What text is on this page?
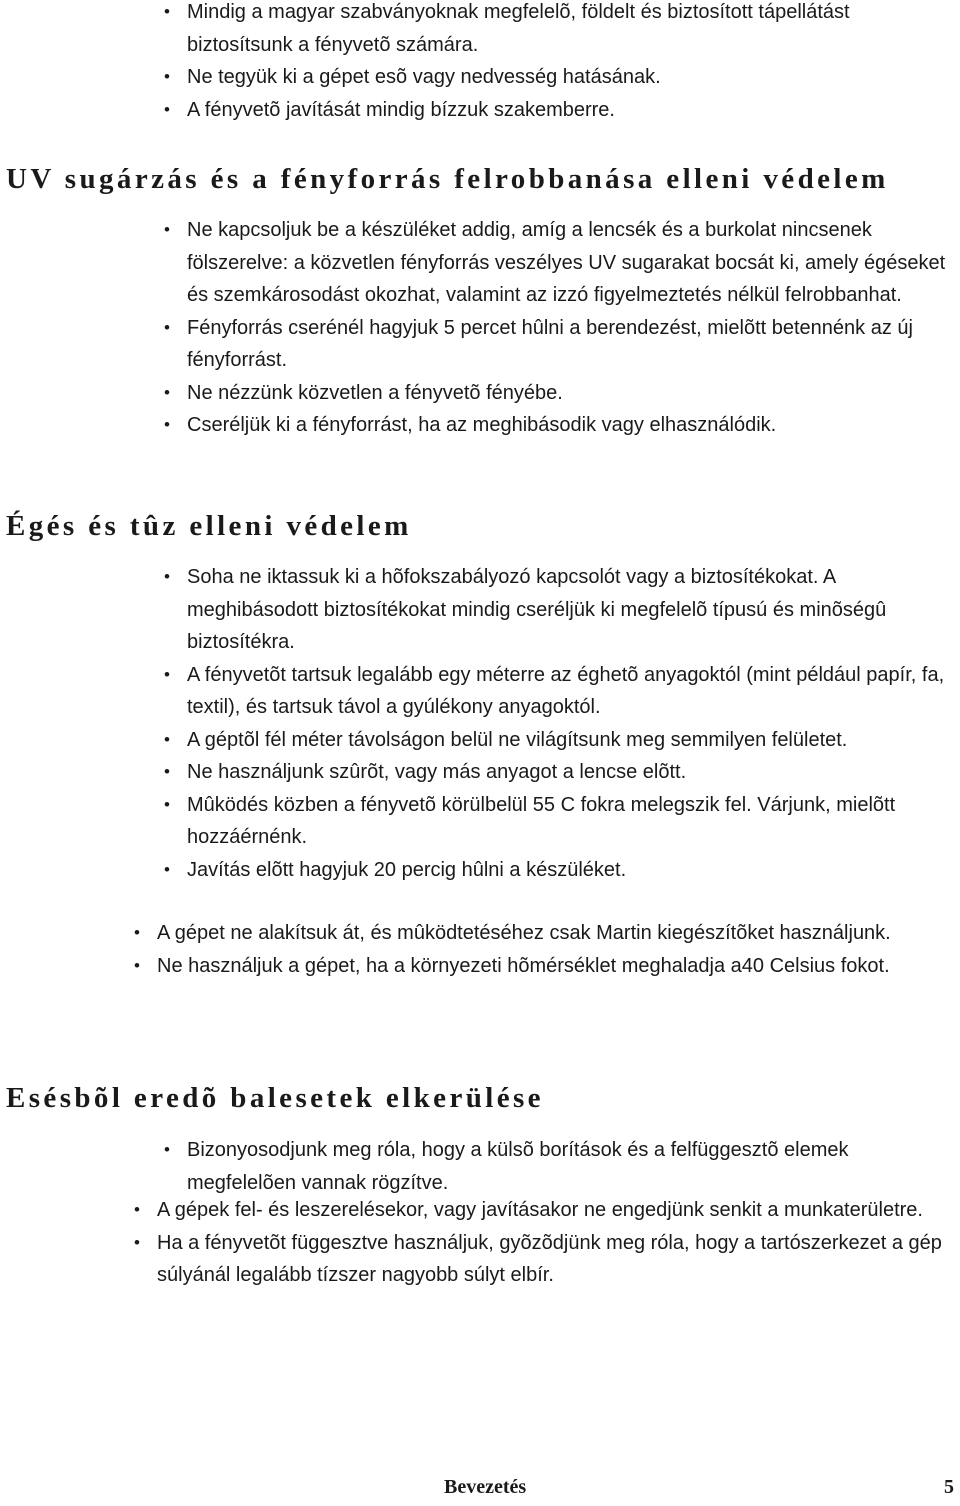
• Mindig a magyar szabványoknak megfelelõ, földelt és biztosított tápellátást biztosítsunk a fényvetõ számára.
• Ne tegyük ki a gépet esõ vagy nedvesség hatásának.
• A fényvetõ javítását mindig bízzuk szakemberre.
UV sugárzás és a fényforrás felrobbanása elleni védelem
• Ne kapcsoljuk be a készüléket addig, amíg a lencsék és a burkolat nincsenek fölszerelve: a közvetlen fényforrás veszélyes UV sugarakat bocsát ki, amely égéseket és szemkárosodást okozhat, valamint az izzó figyelmeztetés nélkül felrobbanhat.
• Fényforrás cserénél hagyjuk 5 percet hûlni a berendezést, mielõtt betennénk az új fényforrást.
• Ne nézzünk közvetlen a fényvetõ fényébe.
• Cseréljük ki a fényforrást, ha az meghibásodik vagy elhasználódik.
Égés és tûz elleni védelem
• Soha ne iktassuk ki a hõfokszabályozó kapcsolót vagy a biztosítékokat. A meghibásodott biztosítékokat mindig cseréljük ki megfelelõ típusú és minõségû biztosítékra.
• A fényvetõt tartsuk legalább egy méterre az éghetõ anyagoktól (mint például papír, fa, textil), és tartsuk távol a gyúlékony anyagoktól.
• A géptõl fél méter távolságon belül ne világítsunk meg semmilyen felületet.
• Ne használjunk szûrõt, vagy más anyagot a lencse elõtt.
• Mûködés közben a fényvetõ körülbelül 55 C fokra melegszik fel. Várjunk, mielõtt hozzáérnénk.
• Javítás elõtt hagyjuk 20 percig hûlni a készüléket.
• A gépet ne alakítsuk át, és mûködtetéséhez csak Martin kiegészítõket használjunk.
• Ne használjuk a gépet, ha a környezeti hõmérséklet meghaladja a40 Celsius fokot.
Esésbõl eredõ balesetek elkerülése
• Bizonyosodjunk meg róla, hogy a külsõ borítások és a felfüggesztõ elemek megfelelõen vannak rögzítve.
• A gépek fel- és leszerelésekor, vagy javításakor ne engedjünk senkit a munkaterületre.
• Ha a fényvetõt függesztve használjuk, gyõzõdjünk meg róla, hogy a tartószerkezet a gép súlyánál legalább tízszer nagyobb súlyt elbír.
Bevezetés	5
